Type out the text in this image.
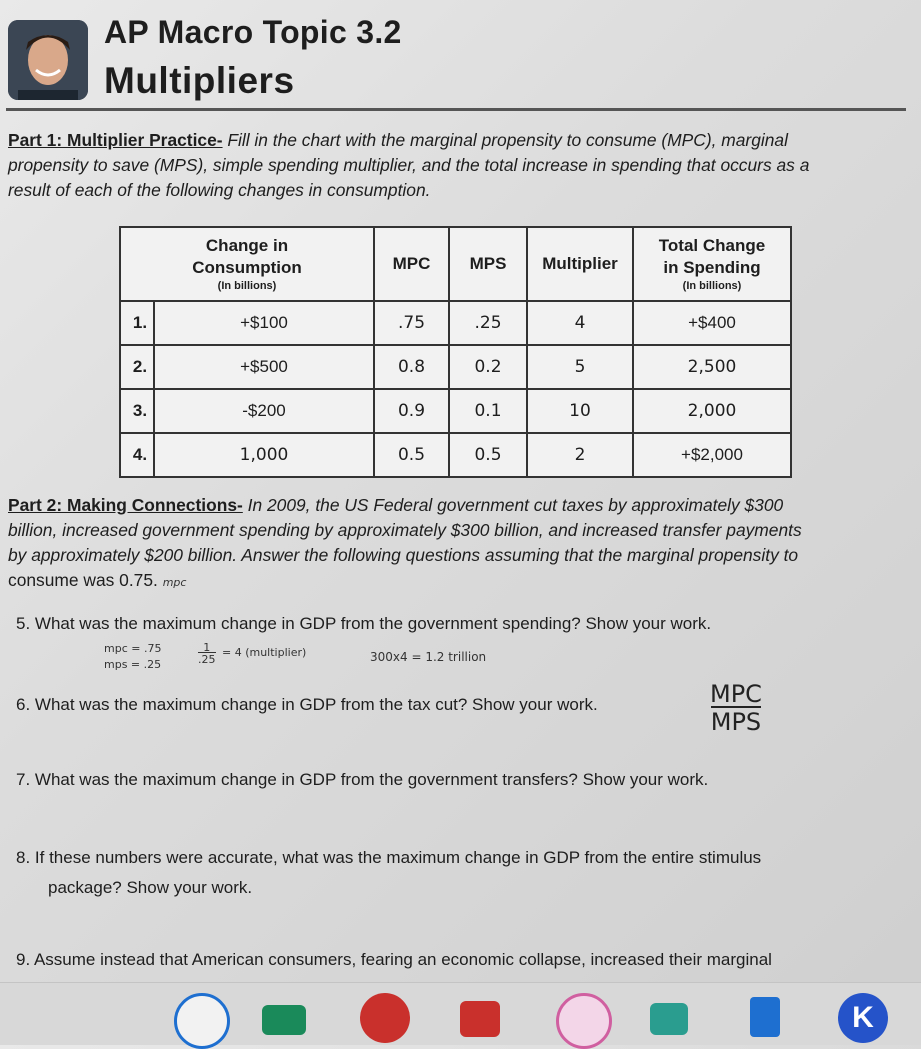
AP Macro Topic 3.2
Multipliers
Part 1: Multiplier Practice- Fill in the chart with the marginal propensity to consume (MPC), marginal
propensity to save (MPS), simple spending multiplier, and the total increase in spending that occurs as a
result of each of the following changes in consumption.
Change in
Consumption
(In billions)		MPC	MPS	Multiplier	Total Change
in Spending
(In billions)

1.	+$100	.75	.25	4	+$400
2.	+$500	0.8	0.2	5	2,500
3.	-$200	0.9	0.1	10	2,000
4.	1,000	0.5	0.5	2	+$2,000
Part 2: Making Connections- In 2009, the US Federal government cut taxes by approximately $300
billion, increased government spending by approximately $300 billion, and increased transfer payments
by approximately $200 billion. Answer the following questions assuming that the marginal propensity to
consume was 0.75. mpc
5. What was the maximum change in GDP from the government spending? Show your work.
mpc = .75
mps = .25
1
.25
= 4 (multiplier)	300x4 = 1.2 trillion
6. What was the maximum change in GDP from the tax cut? Show your work.	MPC
MPS
7. What was the maximum change in GDP from the government transfers? Show your work.
8. If these numbers were accurate, what was the maximum change in GDP from the entire stimulus
package? Show your work.
9. Assume instead that American consumers, fearing an economic collapse, increased their marginal
K
